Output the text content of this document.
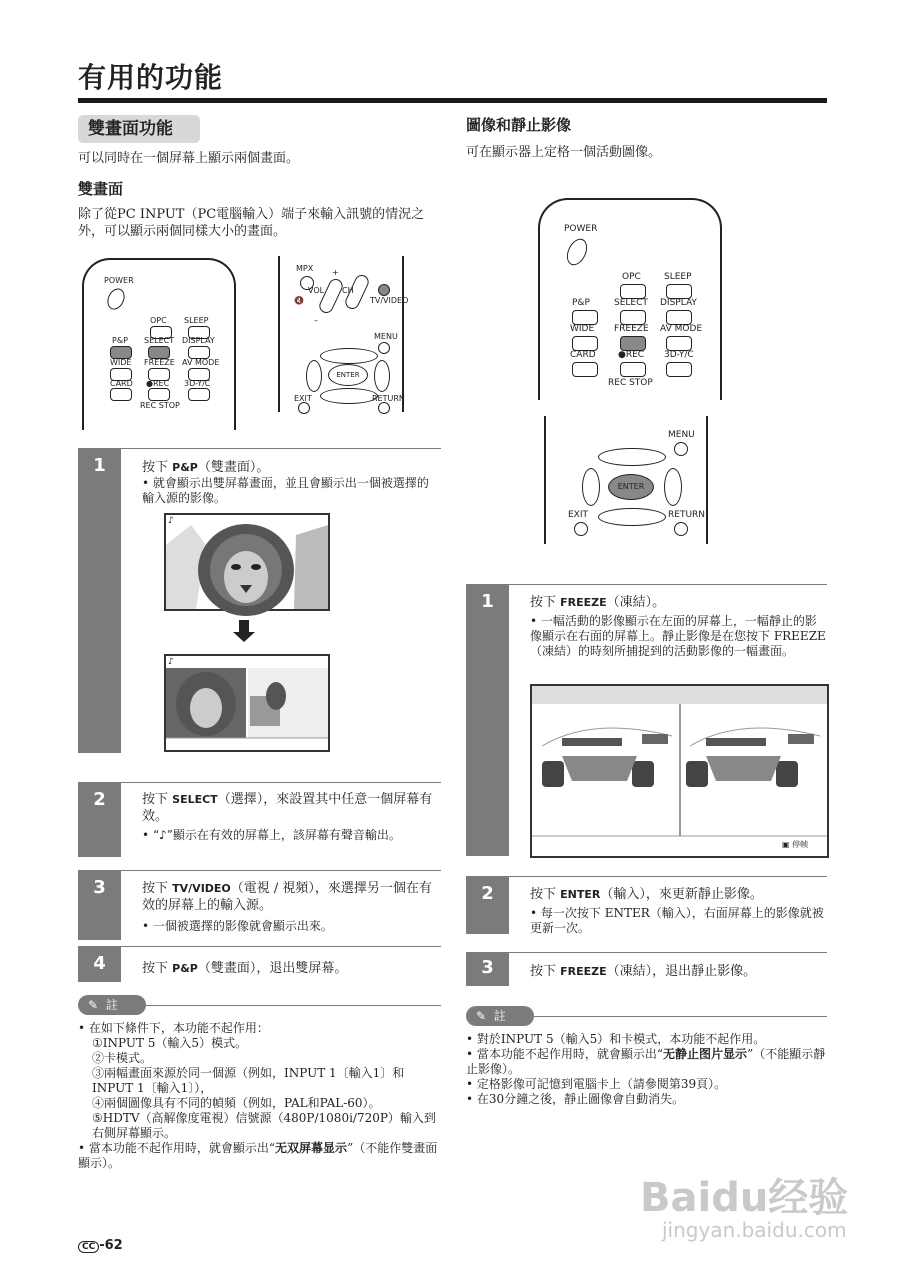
有用的功能
雙畫面功能
可以同時在一個屏幕上顯示兩個畫面。
雙畫面
除了從PC INPUT（PC電腦輸入）端子來輸入訊號的情況之外，可以顯示兩個同樣大小的畫面。
POWER
OPC SLEEP
P&P SELECT DISPLAY
WIDE FREEZE AV MODE
CARD ●REC 3D-Y/C
REC STOP
MPX +
VOL CH
🔇
–
TV/VIDEO
MENU
ENTER
EXIT	RETURN
1	按下 P&P（雙畫面）。
• 就會顯示出雙屏幕畫面，並且會顯示出一個被選擇的輸入源的影像。
♪
♪
2	按下 SELECT（選擇），來設置其中任意一個屏幕有效。
• “♪”顯示在有效的屏幕上，該屏幕有聲音輸出。
3	按下 TV/VIDEO（電視 / 視頻），來選擇另一個在有效的屏幕上的輸入源。
• 一個被選擇的影像就會顯示出來。
4	按下 P&P（雙畫面），退出雙屏幕。
✎ 註
• 在如下條件下，本功能不起作用：
①INPUT 5（輸入5）模式。
②卡模式。
③兩幅畫面來源於同一個源（例如，INPUT 1〔輸入1〕和INPUT 1〔輸入1〕），
④兩個圖像具有不同的幀頻（例如，PAL和PAL-60）。
⑤HDTV（高解像度電視）信號源（480P/1080i/720P）輸入到右側屏幕顯示。
• 當本功能不起作用時，就會顯示出“无双屏幕显示”（不能作雙畫面顯示）。
CC -62
圖像和靜止影像
可在顯示器上定格一個活動圖像。
POWER
OPC	SLEEP
P&P	SELECT DISPLAY
WIDE FREEZE AV MODE
CARD ●REC 3D-Y/C
REC STOP
MENU
ENTER
EXIT	RETURN
1	按下 FREEZE（凍結）。
• 一幅活動的影像顯示在左面的屏幕上，一幅靜止的影像顯示在右面的屏幕上。靜止影像是在您按下 FREEZE（凍結）的時刻所捕捉到的活動影像的一幅畫面。
▣ 停帧
2	按下 ENTER（輸入），來更新靜止影像。
• 每一次按下 ENTER（輸入），右面屏幕上的影像就被更新一次。
3	按下 FREEZE（凍結），退出靜止影像。
✎ 註
• 對於INPUT 5（輸入5）和卡模式，本功能不起作用。
• 當本功能不起作用時，就會顯示出“无静止图片显示”（不能顯示靜止影像）。
• 定格影像可記憶到電腦卡上（請參閱第39頁）。
• 在30分鐘之後，靜止圖像會自動消失。
Baidu经验
jingyan.baidu.com
